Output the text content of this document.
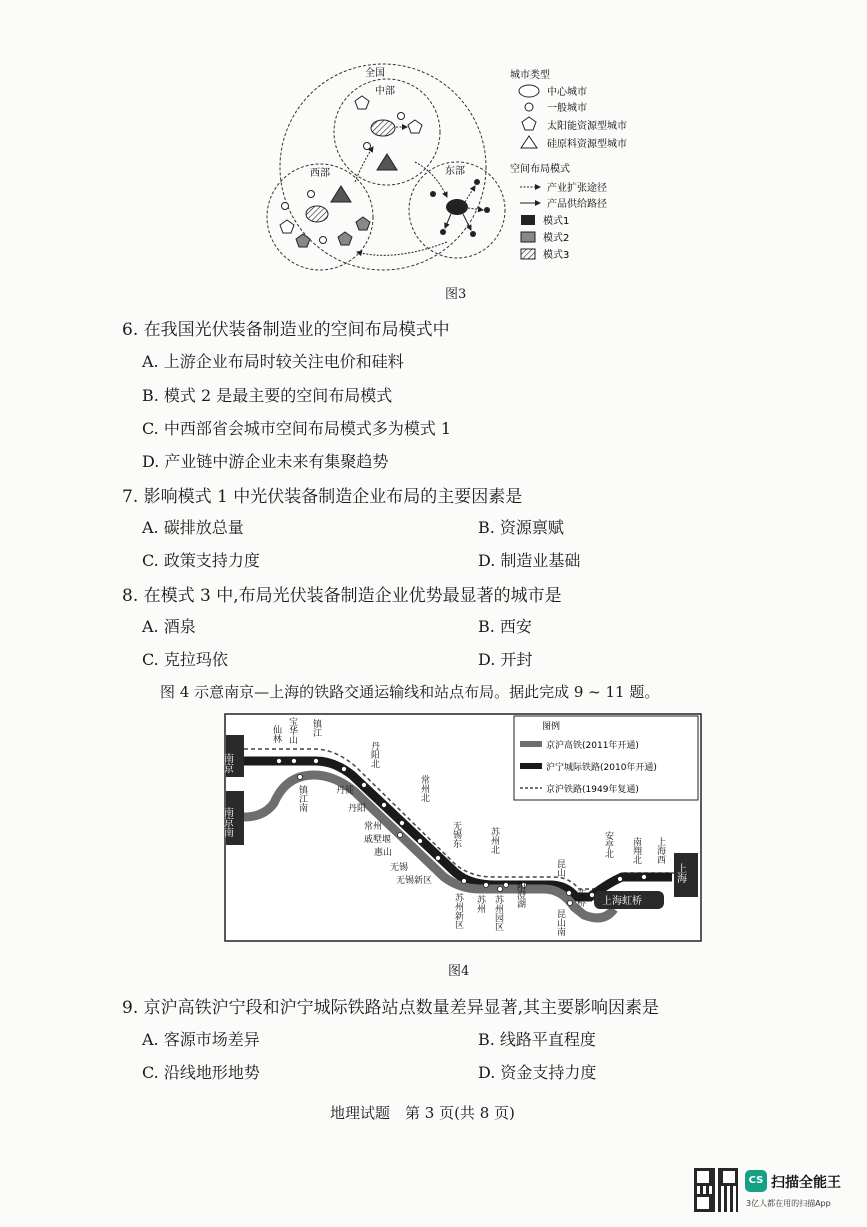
全国
中部
西部	东部
城市类型
中心城市
一般城市
太阳能资源型城市
硅原料资源型城市
空间布局模式
产业扩张途径
产品供给路径
模式1
模式2
模式3
图3
6. 在我国光伏装备制造业的空间布局模式中
A. 上游企业布局时较关注电价和硅料
B. 模式 2 是最主要的空间布局模式
C. 中西部省会城市空间布局模式多为模式 1
D. 产业链中游企业未来有集聚趋势
7. 影响模式 1 中光伏装备制造企业布局的主要因素是
A. 碳排放总量	B. 资源禀赋
C. 政策支持力度	D. 制造业基础
8. 在模式 3 中,布局光伏装备制造企业优势最显著的城市是
A. 酒泉	B. 西安
C. 克拉玛依	D. 开封
图 4 示意南京—上海的铁路交通运输线和站点布局。据此完成 9 ~ 11 题。
南京
南京南
上海
上海虹桥
图例
京沪高铁(2011年开通)
沪宁城际铁路(2010年开通)
京沪铁路(1949年复通)
仙林 宝华山 镇江
镇江南
丹阳北
常州北
无锡东	苏州北
苏州新区 苏州 苏州园区
阳澄湖
昆山
昆山南
花桥
安亭北 南翔北 上海西
丹徒
丹阳
常州
戚墅堰
惠山
无锡
无锡新区
图4
9. 京沪高铁沪宁段和沪宁城际铁路站点数量差异显著,其主要影响因素是
A. 客源市场差异	B. 线路平直程度
C. 沿线地形地势	D. 资金支持力度
地理试题　第 3 页(共 8 页)
CS 扫描全能王
3亿人都在用的扫描App
